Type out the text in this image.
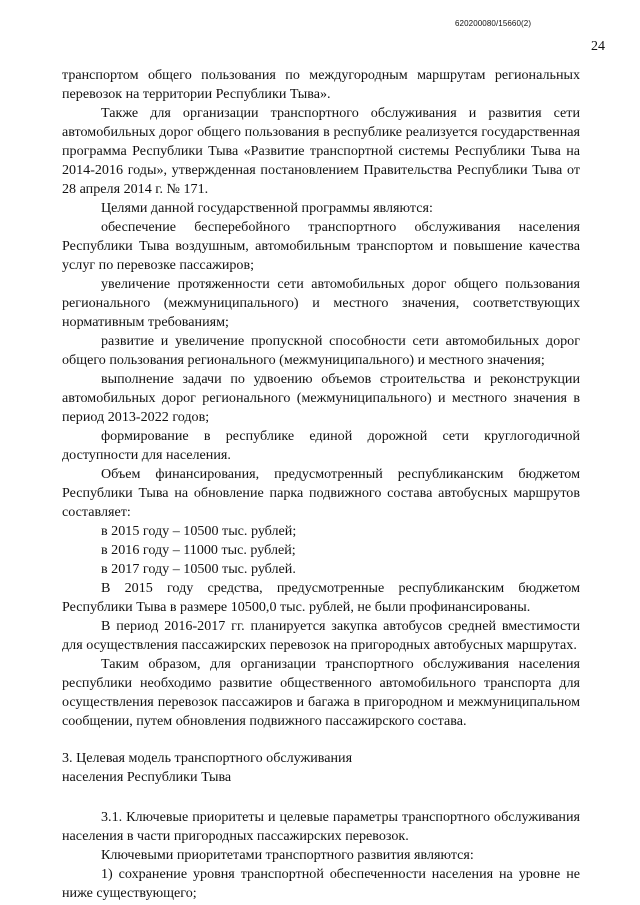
620200080/15660(2)
24

транспортом общего пользования по междугородным маршрутам региональных перевозок на территории Республики Тыва».

Также для организации транспортного обслуживания и развития сети автомобильных дорог общего пользования в республике реализуется государственная программа Республики Тыва «Развитие транспортной системы Республики Тыва на 2014-2016 годы», утвержденная постановлением Правительства Республики Тыва от 28 апреля 2014 г. № 171.

Целями данной государственной программы являются:

обеспечение бесперебойного транспортного обслуживания населения Республики Тыва воздушным, автомобильным транспортом и повышение качества услуг по перевозке пассажиров;

увеличение протяженности сети автомобильных дорог общего пользования регионального (межмуниципального) и местного значения, соответствующих нормативным требованиям;

развитие и увеличение пропускной способности сети автомобильных дорог общего пользования регионального (межмуниципального) и местного значения;

выполнение задачи по удвоению объемов строительства и реконструкции автомобильных дорог регионального (межмуниципального) и местного значения в период 2013-2022 годов;

формирование в республике единой дорожной сети круглогодичной доступности для населения.

Объем финансирования, предусмотренный республиканским бюджетом Республики Тыва на обновление парка подвижного состава автобусных маршрутов составляет:

в 2015 году – 10500 тыс. рублей;

в 2016 году – 11000 тыс. рублей;

в 2017 году – 10500 тыс. рублей.

В 2015 году средства, предусмотренные республиканским бюджетом Республики Тыва в размере 10500,0 тыс. рублей, не были профинансированы.

В период 2016-2017 гг. планируется закупка автобусов средней вместимости для осуществления пассажирских перевозок на пригородных автобусных маршрутах.

Таким образом, для организации транспортного обслуживания населения республики необходимо развитие общественного автомобильного транспорта для осуществления перевозок пассажиров и багажа в пригородном и межмуниципальном сообщении, путем обновления подвижного пассажирского состава.

3. Целевая модель транспортного обслуживания

населения Республики Тыва

3.1. Ключевые приоритеты и целевые параметры транспортного обслуживания населения в части пригородных пассажирских перевозок.

Ключевыми приоритетами транспортного развития являются:

1) сохранение уровня транспортной обеспеченности населения на уровне не ниже существующего;
